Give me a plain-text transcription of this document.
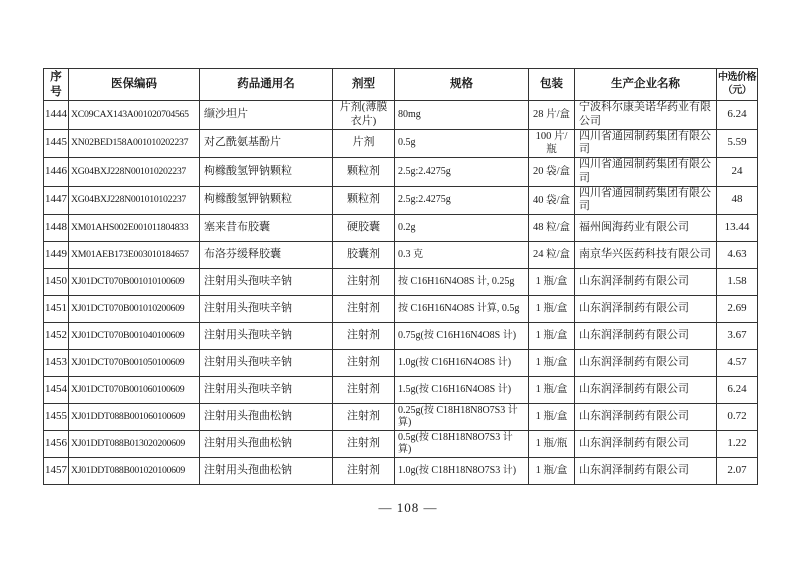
序号	医保编码	药品通用名	剂型	规格	包装	生产企业名称	中选价格（元）
1444	XC09CAX143A001020704565	缬沙坦片	片剂(薄膜衣片)	80mg	28 片/盒	宁波科尔康美诺华药业有限公司	6.24
1445	XN02BED158A001010202237	对乙酰氨基酚片	片剂	0.5g	100 片/瓶	四川省通园制药集团有限公司	5.59
1446	XG04BXJ228N001010202237	枸橼酸氢钾钠颗粒	颗粒剂	2.5g:2.4275g	20 袋/盒	四川省通园制药集团有限公司	24
1447	XG04BXJ228N001010102237	枸橼酸氢钾钠颗粒	颗粒剂	2.5g:2.4275g	40 袋/盒	四川省通园制药集团有限公司	48
1448	XM01AHS002E001011804833	塞来昔布胶囊	硬胶囊	0.2g	48 粒/盒	福州闽海药业有限公司	13.44
1449	XM01AEB173E003010184657	布洛芬缓释胶囊	胶囊剂	0.3 克	24 粒/盒	南京华兴医药科技有限公司	4.63
1450	XJ01DCT070B001010100609	注射用头孢呋辛钠	注射剂	按 C16H16N4O8S 计, 0.25g	1 瓶/盒	山东润泽制药有限公司	1.58
1451	XJ01DCT070B001010200609	注射用头孢呋辛钠	注射剂	按 C16H16N4O8S 计算, 0.5g	1 瓶/盒	山东润泽制药有限公司	2.69
1452	XJ01DCT070B001040100609	注射用头孢呋辛钠	注射剂	0.75g(按 C16H16N4O8S 计)	1 瓶/盒	山东润泽制药有限公司	3.67
1453	XJ01DCT070B001050100609	注射用头孢呋辛钠	注射剂	1.0g(按 C16H16N4O8S 计)	1 瓶/盒	山东润泽制药有限公司	4.57
1454	XJ01DCT070B001060100609	注射用头孢呋辛钠	注射剂	1.5g(按 C16H16N4O8S 计)	1 瓶/盒	山东润泽制药有限公司	6.24
1455	XJ01DDT088B001060100609	注射用头孢曲松钠	注射剂	0.25g(按 C18H18N8O7S3 计算)	1 瓶/盒	山东润泽制药有限公司	0.72
1456	XJ01DDT088B013020200609	注射用头孢曲松钠	注射剂	0.5g(按 C18H18N8O7S3 计算)	1 瓶/瓶	山东润泽制药有限公司	1.22
1457	XJ01DDT088B001020100609	注射用头孢曲松钠	注射剂	1.0g(按 C18H18N8O7S3 计)	1 瓶/盒	山东润泽制药有限公司	2.07
— 108 —
